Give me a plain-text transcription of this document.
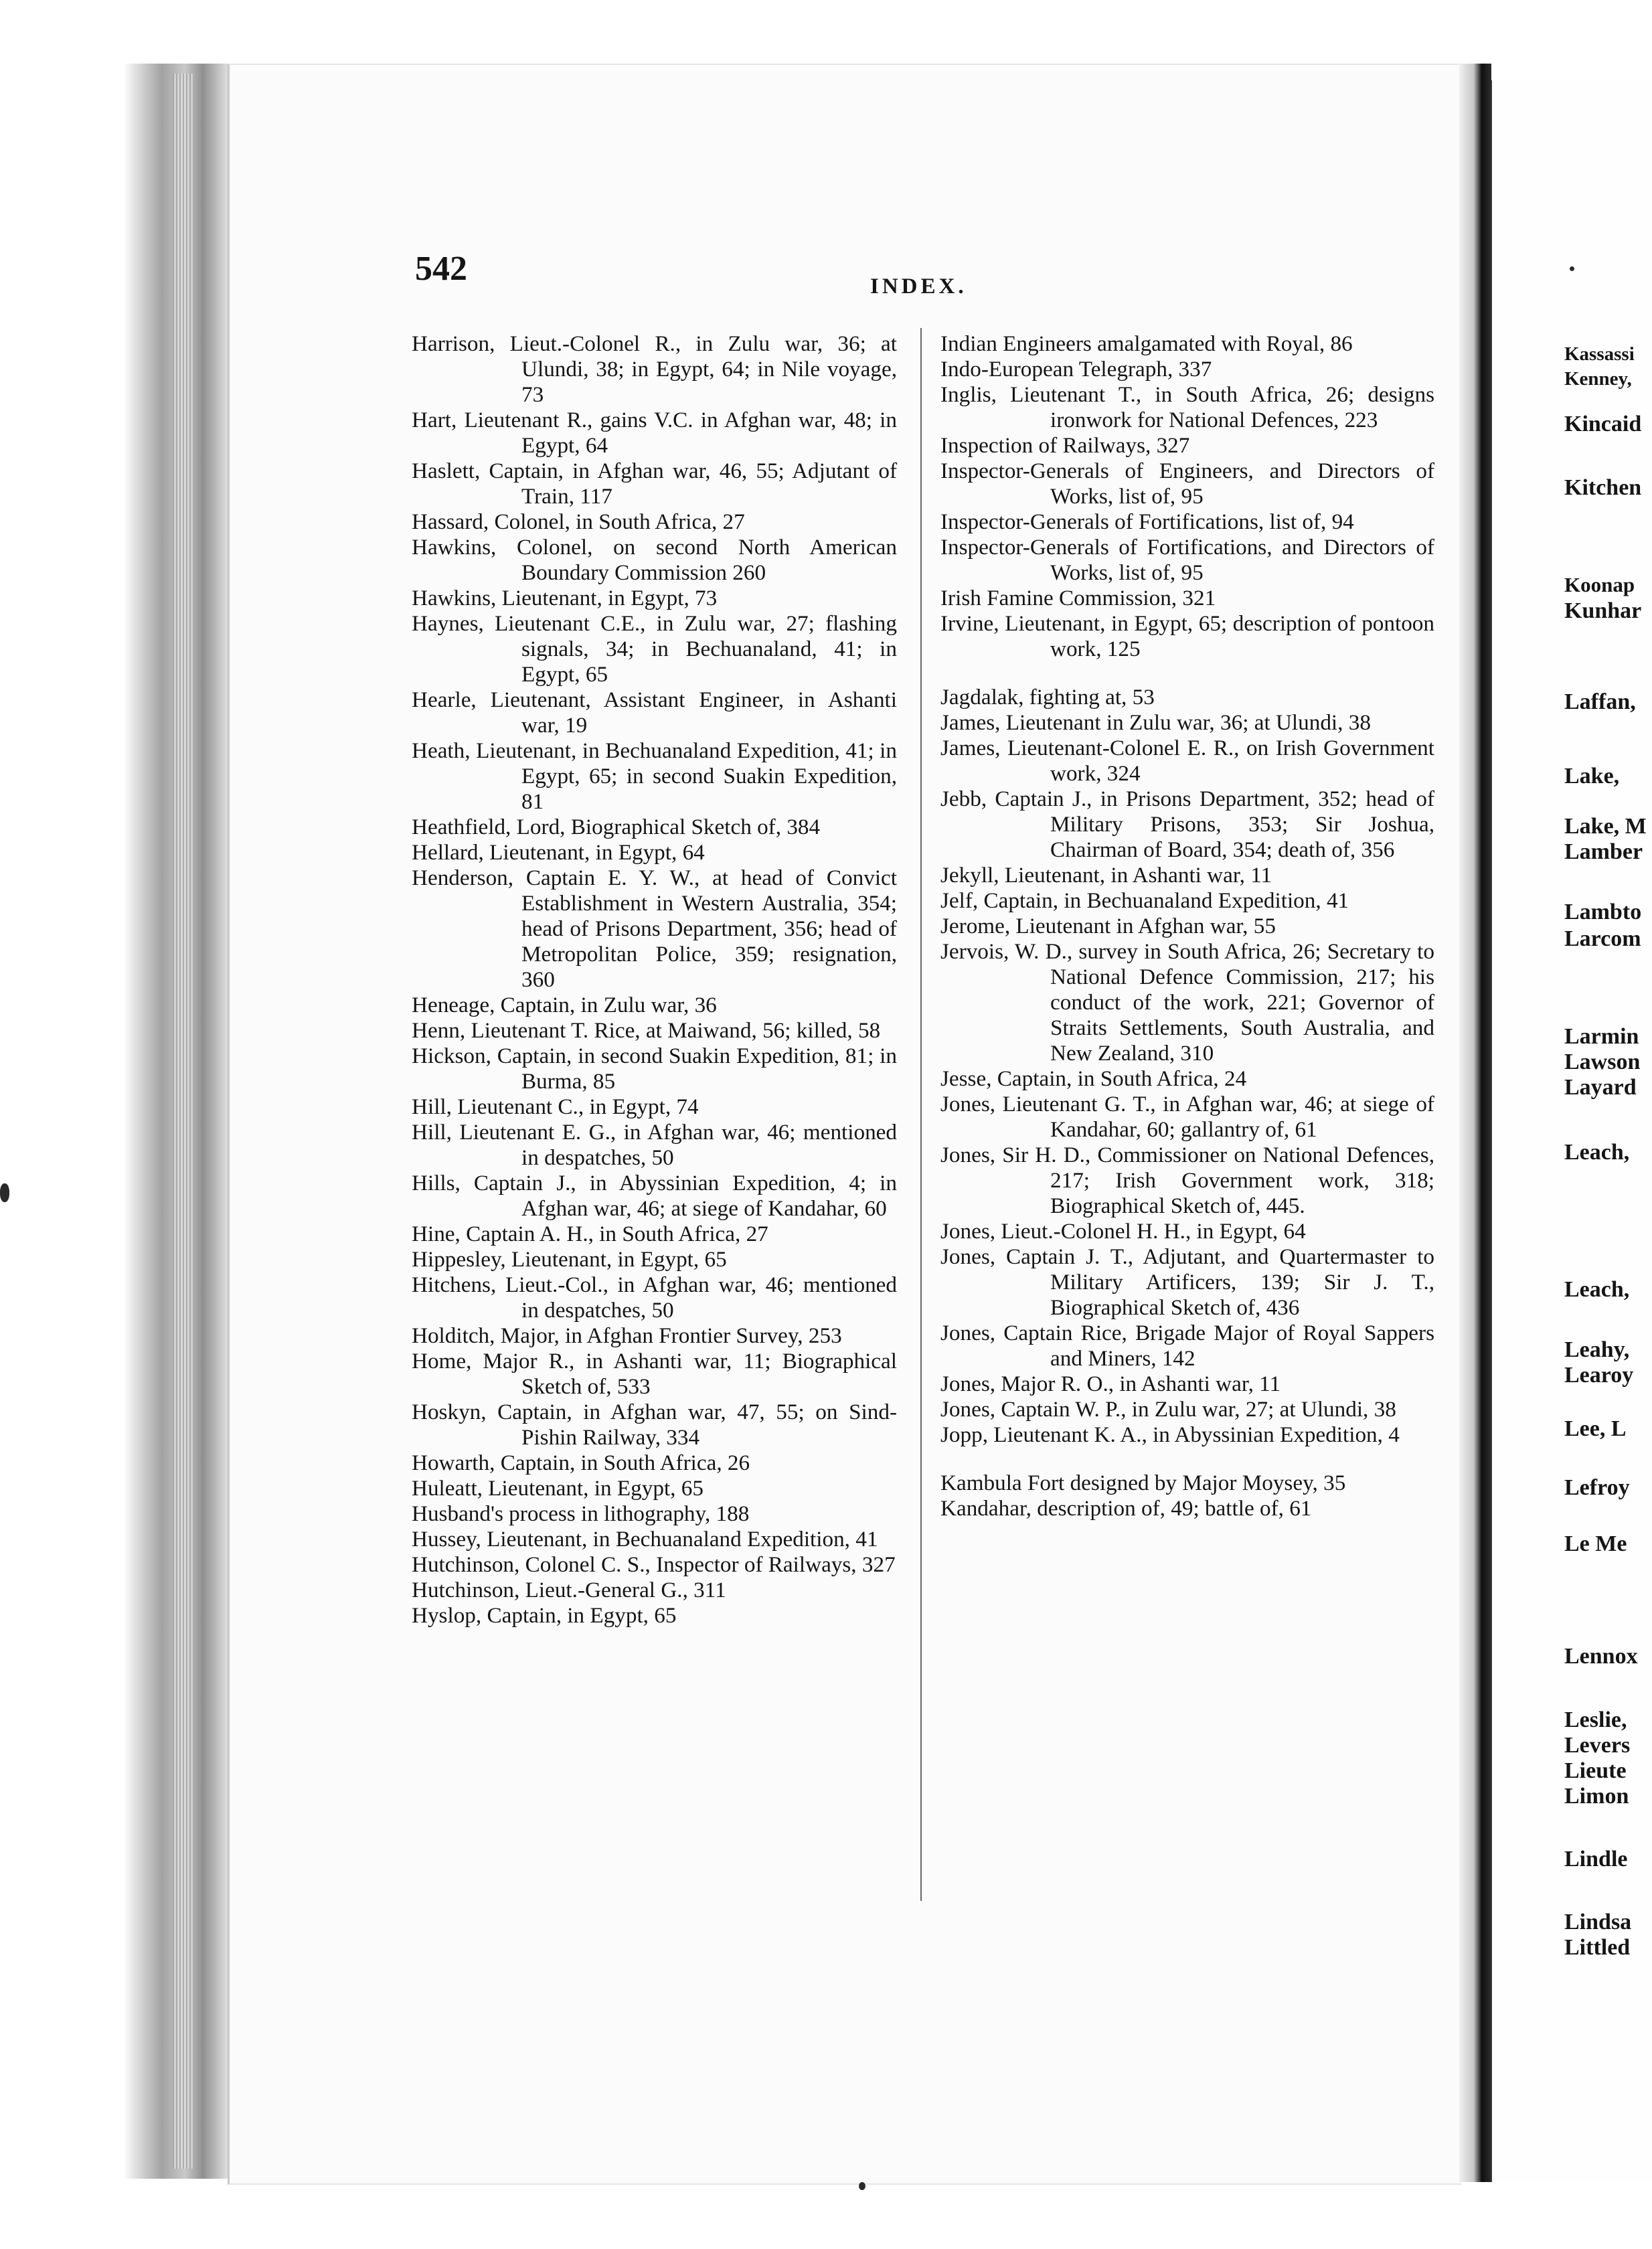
Kassassi
Kenney,
Kincaid
Kitchen
Koonap
Kunhar
Laffan,
Lake,
Lake, M
Lamber
Lambto
Larcom
Larmin
Lawson
Layard
Leach,
Leach,
Leahy,
Learoy
Lee, L
Lefroy
Le Me
Lennox
Leslie,
Levers
Lieute
Limon
Lindle
Lindsa
Littled
542	INDEX.

Harrison, Lieut.-Colonel R., in Zulu war, 36; at Ulundi, 38; in Egypt, 64; in Nile voyage, 73

Hart, Lieutenant R., gains V.C. in Afghan war, 48; in Egypt, 64

Haslett, Captain, in Afghan war, 46, 55; Adjutant of Train, 117

Hassard, Colonel, in South Africa, 27

Hawkins, Colonel, on second North American Boundary Commission 260

Hawkins, Lieutenant, in Egypt, 73

Haynes, Lieutenant C.E., in Zulu war, 27; flashing signals, 34; in Bechuanaland, 41; in Egypt, 65

Hearle, Lieutenant, Assistant Engineer, in Ashanti war, 19

Heath, Lieutenant, in Bechuanaland Expedition, 41; in Egypt, 65; in second Suakin Expedition, 81

Heathfield, Lord, Biographical Sketch of, 384

Hellard, Lieutenant, in Egypt, 64

Henderson, Captain E. Y. W., at head of Convict Establishment in Western Australia, 354; head of Prisons Department, 356; head of Metropolitan Police, 359; resignation, 360

Heneage, Captain, in Zulu war, 36

Henn, Lieutenant T. Rice, at Maiwand, 56; killed, 58

Hickson, Captain, in second Suakin Expedition, 81; in Burma, 85

Hill, Lieutenant C., in Egypt, 74

Hill, Lieutenant E. G., in Afghan war, 46; mentioned in despatches, 50

Hills, Captain J., in Abyssinian Expedition, 4; in Afghan war, 46; at siege of Kandahar, 60

Hine, Captain A. H., in South Africa, 27

Hippesley, Lieutenant, in Egypt, 65

Hitchens, Lieut.-Col., in Afghan war, 46; mentioned in despatches, 50

Holditch, Major, in Afghan Frontier Survey, 253

Home, Major R., in Ashanti war, 11; Biographical Sketch of, 533

Hoskyn, Captain, in Afghan war, 47, 55; on Sind-Pishin Railway, 334

Howarth, Captain, in South Africa, 26

Huleatt, Lieutenant, in Egypt, 65

Husband's process in lithography, 188

Hussey, Lieutenant, in Bechuanaland Expedition, 41

Hutchinson, Colonel C. S., Inspector of Railways, 327

Hutchinson, Lieut.-General G., 311

Hyslop, Captain, in Egypt, 65

Indian Engineers amalgamated with Royal, 86

Indo-European Telegraph, 337

Inglis, Lieutenant T., in South Africa, 26; designs ironwork for National Defences, 223

Inspection of Railways, 327

Inspector-Generals of Engineers, and Directors of Works, list of, 95

Inspector-Generals of Fortifications, list of, 94

Inspector-Generals of Fortifications, and Directors of Works, list of, 95

Irish Famine Commission, 321

Irvine, Lieutenant, in Egypt, 65; description of pontoon work, 125

Jagdalak, fighting at, 53

James, Lieutenant in Zulu war, 36; at Ulundi, 38

James, Lieutenant-Colonel E. R., on Irish Government work, 324

Jebb, Captain J., in Prisons Department, 352; head of Military Prisons, 353; Sir Joshua, Chairman of Board, 354; death of, 356

Jekyll, Lieutenant, in Ashanti war, 11

Jelf, Captain, in Bechuanaland Expedition, 41

Jerome, Lieutenant in Afghan war, 55

Jervois, W. D., survey in South Africa, 26; Secretary to National Defence Commission, 217; his conduct of the work, 221; Governor of Straits Settlements, South Australia, and New Zealand, 310

Jesse, Captain, in South Africa, 24

Jones, Lieutenant G. T., in Afghan war, 46; at siege of Kandahar, 60; gallantry of, 61

Jones, Sir H. D., Commissioner on National Defences, 217; Irish Government work, 318; Biographical Sketch of, 445.

Jones, Lieut.-Colonel H. H., in Egypt, 64

Jones, Captain J. T., Adjutant, and Quartermaster to Military Artificers, 139; Sir J. T., Biographical Sketch of, 436

Jones, Captain Rice, Brigade Major of Royal Sappers and Miners, 142

Jones, Major R. O., in Ashanti war, 11

Jones, Captain W. P., in Zulu war, 27; at Ulundi, 38

Jopp, Lieutenant K. A., in Abyssinian Expedition, 4

Kambula Fort designed by Major Moysey, 35

Kandahar, description of, 49; battle of, 61
